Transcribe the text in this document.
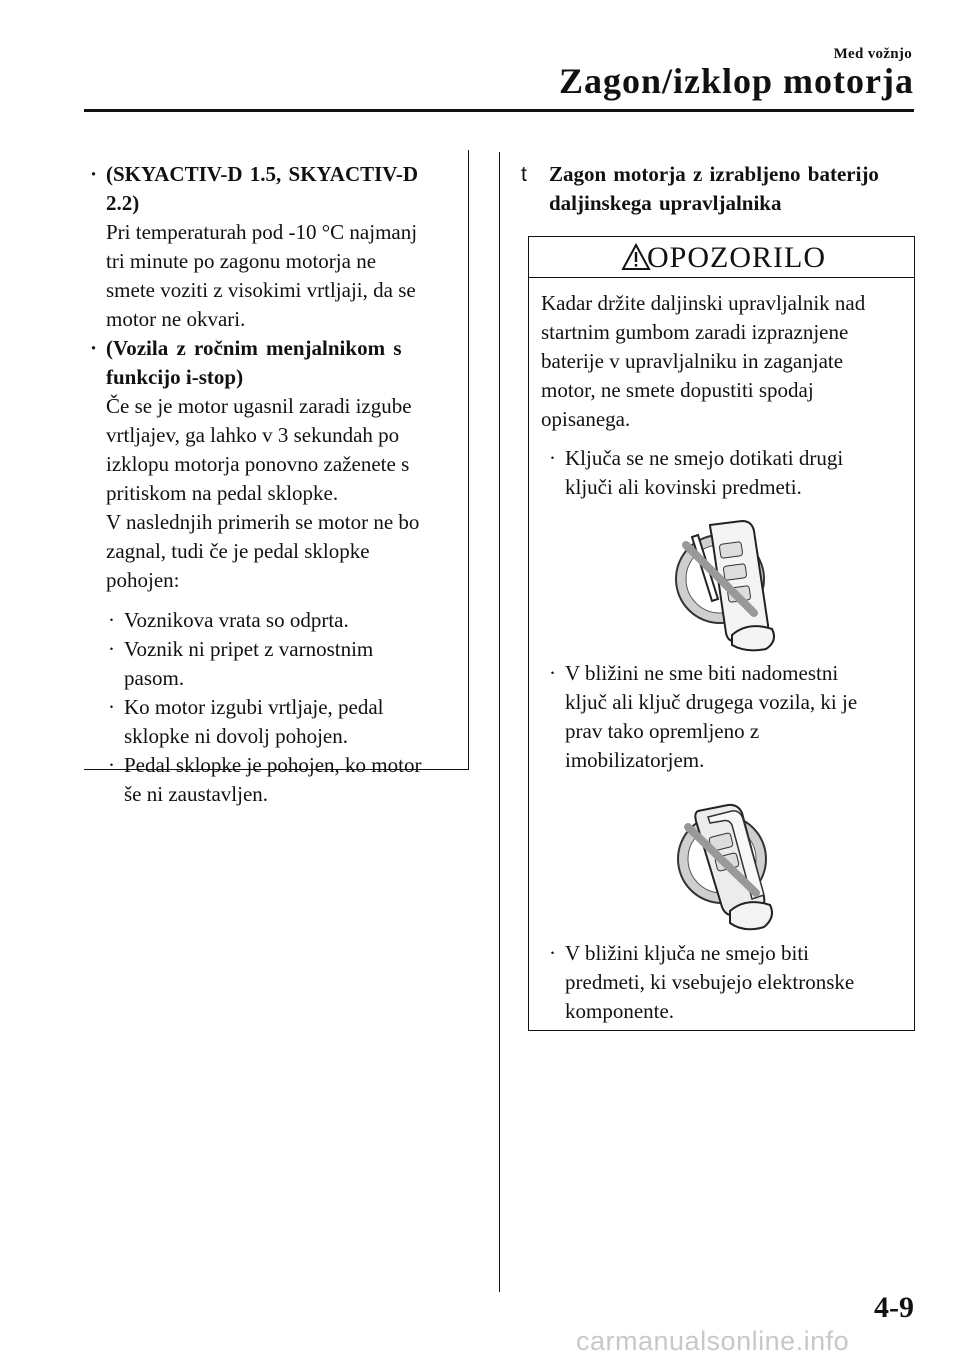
Med vožnjo
Zagon/izklop motorja
· (SKYACTIV-D 1.5, SKYACTIV-D
2.2)
Pri temperaturah pod -10 °C najmanj
tri minute po zagonu motorja ne
smete voziti z visokimi vrtljaji, da se
motor ne okvari.
· (Vozila z ročnim menjalnikom s
funkcijo i-stop)
Če se je motor ugasnil zaradi izgube
vrtljajev, ga lahko v 3 sekundah po
izklopu motorja ponovno zaženete s
pritiskom na pedal sklopke.
V naslednjih primerih se motor ne bo
zagnal, tudi če je pedal sklopke
pohojen:
· Voznikova vrata so odprta.
· Voznik ni pripet z varnostnim
pasom.
· Ko motor izgubi vrtljaje, pedal
sklopke ni dovolj pohojen.
· Pedal sklopke je pohojen, ko motor
še ni zaustavljen.
t	Zagon motorja z izrabljeno baterijo
daljinskega upravljalnika
OPOZORILO
Kadar držite daljinski upravljalnik nad
startnim gumbom zaradi izpraznjene
baterije v upravljalniku in zaganjate
motor, ne smete dopustiti spodaj
opisanega.
· Ključa se ne smejo dotikati drugi
ključi ali kovinski predmeti.
· V bližini ne sme biti nadomestni
ključ ali ključ drugega vozila, ki je
prav tako opremljeno z
imobilizatorjem.
· V bližini ključa ne smejo biti
predmeti, ki vsebujejo elektronske
komponente.
4-9
carmanualsonline.info
